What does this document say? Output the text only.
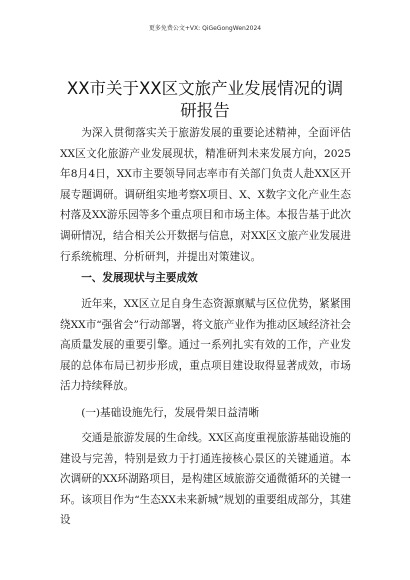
更多免费公文+VX: QiGeGongWen2024
XX市关于XX区文旅产业发展情况的调研报告

为深入贯彻落实关于旅游发展的重要论述精神，全面评估XX区文化旅游产业发展现状，精准研判未来发展方向，2025年8月4日，XX市主要领导同志率市有关部门负责人赴XX区开展专题调研。调研组实地考察X项目、X、X数字文化产业生态村落及XX游乐园等多个重点项目和市场主体。本报告基于此次调研情况，结合相关公开数据与信息，对XX区文旅产业发展进行系统梳理、分析研判，并提出对策建议。

一、发展现状与主要成效

近年来，XX区立足自身生态资源禀赋与区位优势，紧紧围绕XX市“强省会”行动部署，将文旅产业作为推动区域经济社会高质量发展的重要引擎。通过一系列扎实有效的工作，产业发展的总体布局已初步形成，重点项目建设取得显著成效，市场活力持续释放。

(一)基础设施先行，发展骨架日益清晰

交通是旅游发展的生命线。XX区高度重视旅游基础设施的建设与完善，特别是致力于打通连接核心景区的关键通道。本次调研的XX环湖路项目，是构建区域旅游交通微循环的关键一环。该项目作为“生态XX未来新城”规划的重要组成部分，其建设
